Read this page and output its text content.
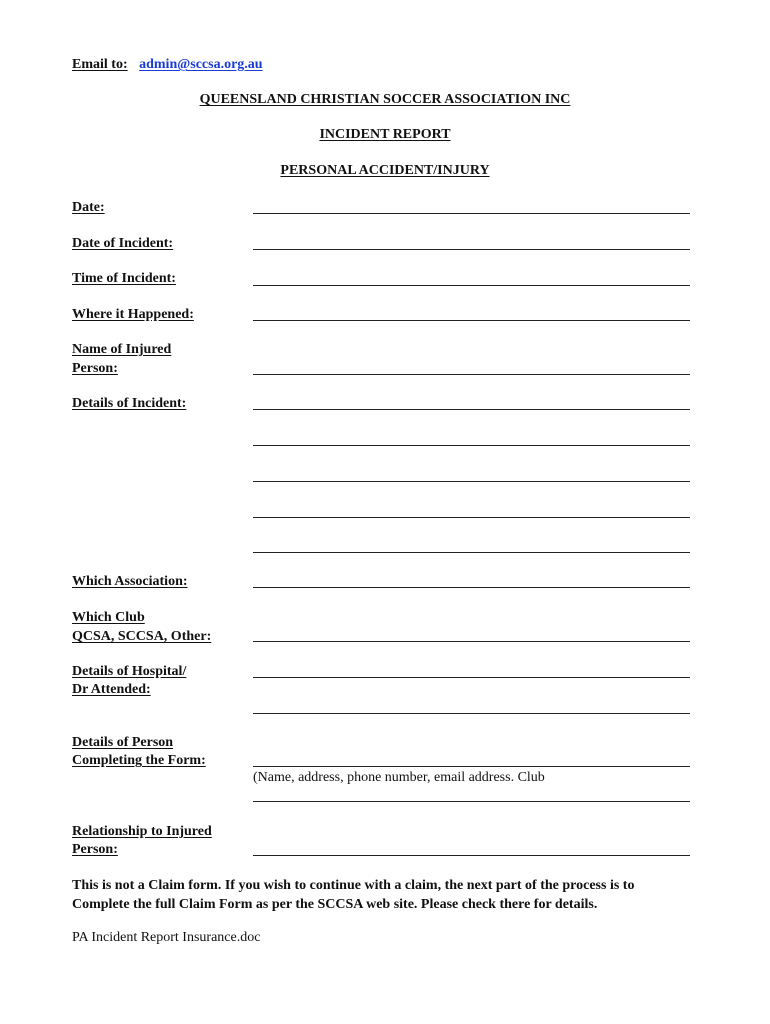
Email to: admin@sccsa.org.au
QUEENSLAND CHRISTIAN SOCCER ASSOCIATION INC
INCIDENT REPORT
PERSONAL ACCIDENT/INJURY
Date:
Date of Incident:
Time of Incident:
Where it Happened:
Name of Injured
Person:
Details of Incident:
Which Association:
Which Club
QCSA, SCCSA, Other:
Details of Hospital/
Dr Attended:
Details of Person
Completing the Form:
(Name, address, phone number, email address. Club
Relationship to Injured
Person:
This is not a Claim form. If you wish to continue with a claim, the next part of the process is to
Complete the full Claim Form as per the SCCSA web site. Please check there for details.
PA Incident Report Insurance.doc
